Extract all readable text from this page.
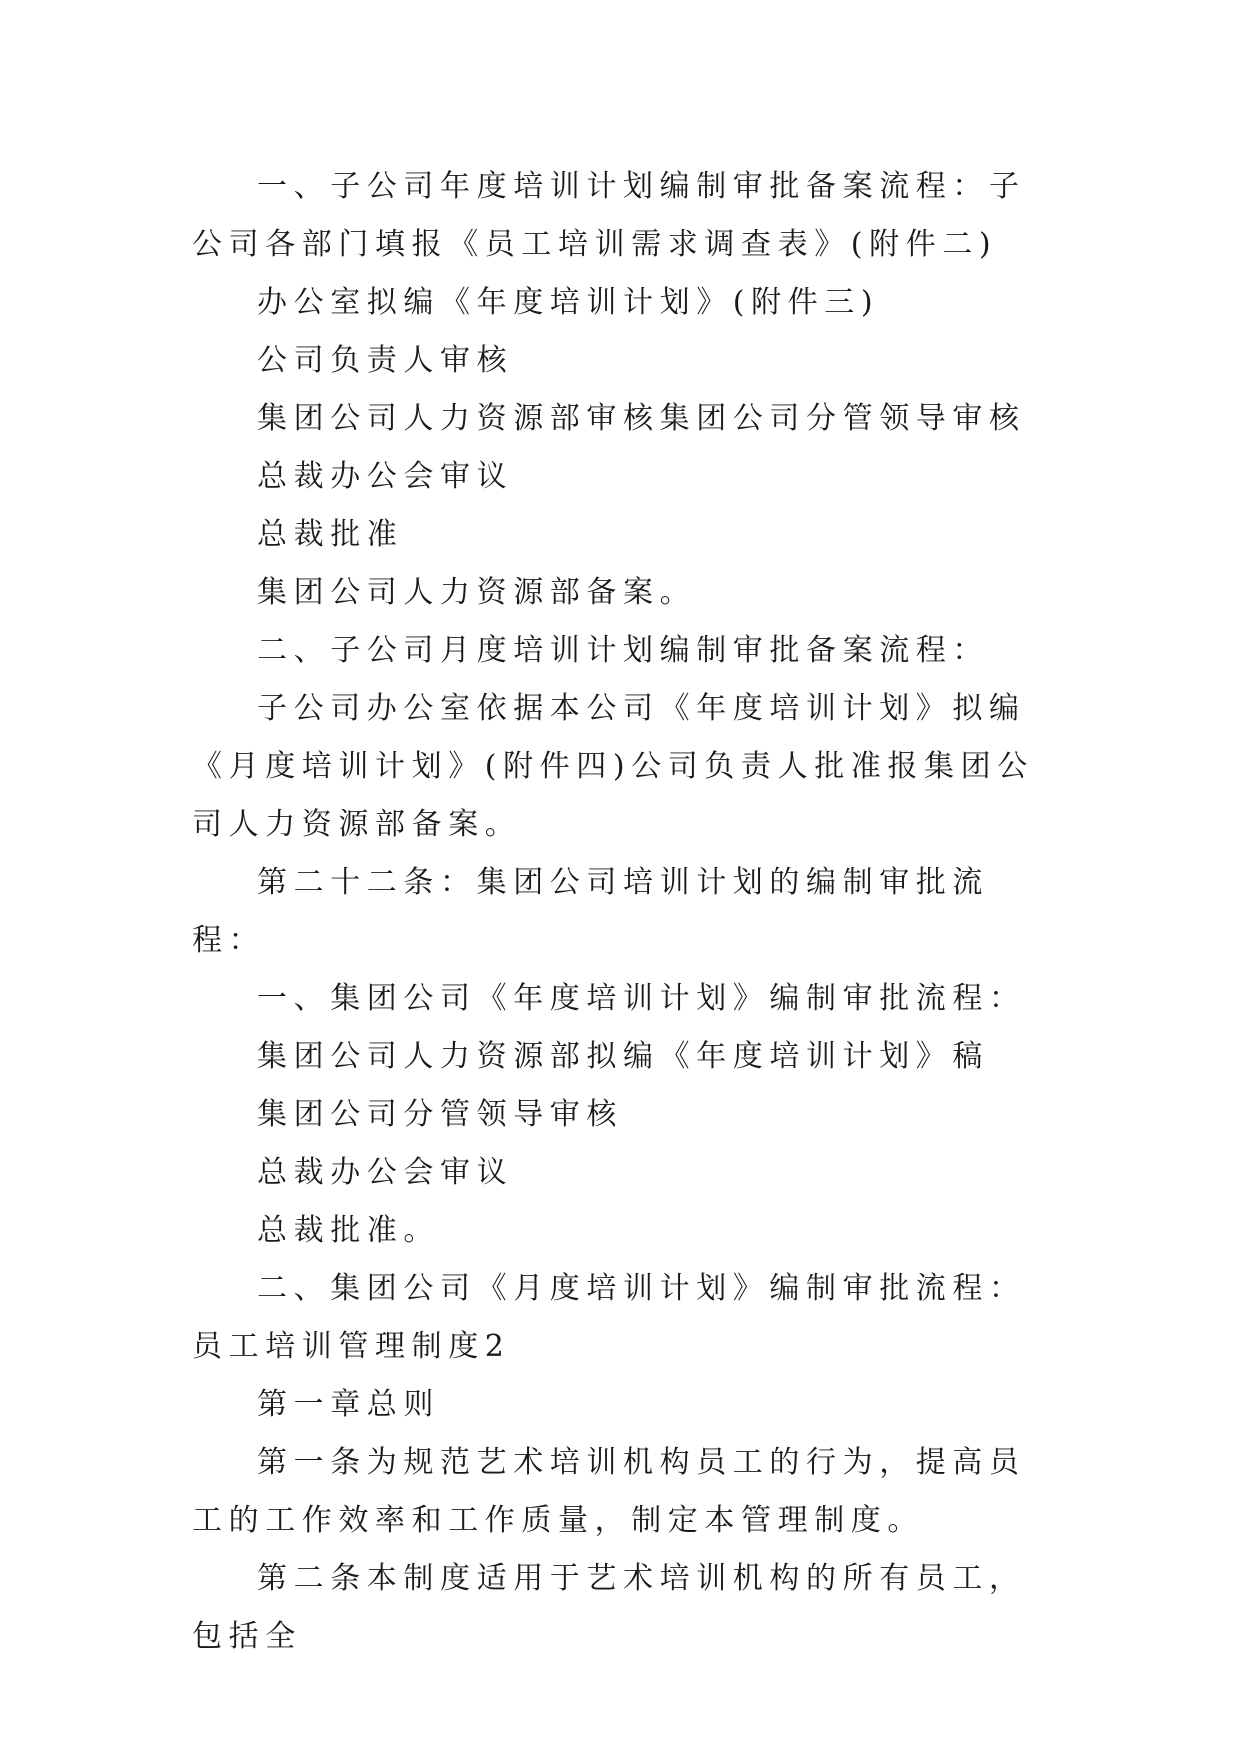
一、子公司年度培训计划编制审批备案流程：子公司各部门填报《员工培训需求调查表》(附件二)

办公室拟编《年度培训计划》(附件三)

公司负责人审核

集团公司人力资源部审核集团公司分管领导审核

总裁办公会审议

总裁批准

集团公司人力资源部备案。

二、子公司月度培训计划编制审批备案流程：

子公司办公室依据本公司《年度培训计划》拟编《月度培训计划》(附件四)公司负责人批准报集团公司人力资源部备案。

第二十二条：集团公司培训计划的编制审批流程：

一、集团公司《年度培训计划》编制审批流程：

集团公司人力资源部拟编《年度培训计划》稿

集团公司分管领导审核

总裁办公会审议

总裁批准。

二、集团公司《月度培训计划》编制审批流程：

员工培训管理制度2

第一章总则

第一条为规范艺术培训机构员工的行为，提高员工的工作效率和工作质量，制定本管理制度。

第二条本制度适用于艺术培训机构的所有员工，包括全
